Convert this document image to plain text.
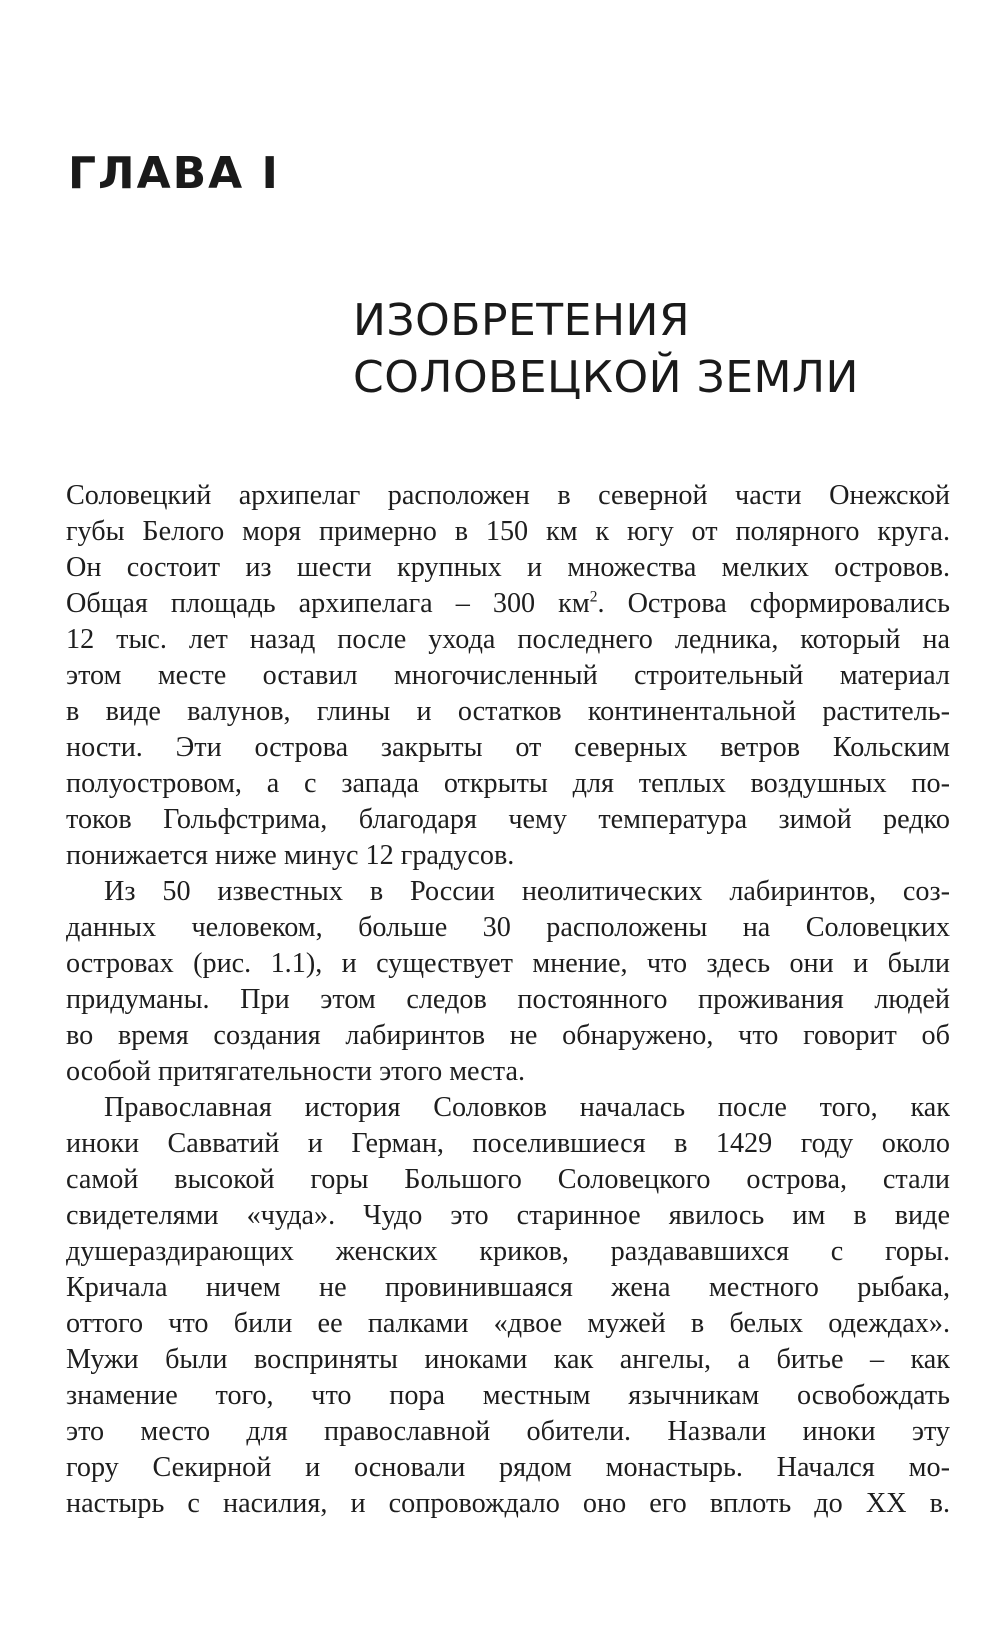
ГЛАВА I
ИЗОБРЕТЕНИЯ
СОЛОВЕЦКОЙ ЗЕМЛИ
Соловецкий архипелаг расположен в северной части Онежской
губы Белого моря примерно в 150 км к югу от полярного круга.
Он состоит из шести крупных и множества мелких островов.
Общая площадь архипелага – 300 $км^2$. Острова сформировались
12 тыс. лет назад после ухода последнего ледника, который на
этом месте оставил многочисленный строительный материал
в виде валунов, глины и остатков континентальной раститель-
ности. Эти острова закрыты от северных ветров Кольским
полуостровом, а с запада открыты для теплых воздушных по-
токов Гольфстрима, благодаря чему температура зимой редко
понижается ниже минус 12 градусов.
Из 50 известных в России неолитических лабиринтов, соз-
данных человеком, больше 30 расположены на Соловецких
островах (рис. 1.1), и существует мнение, что здесь они и были
придуманы. При этом следов постоянного проживания людей
во время создания лабиринтов не обнаружено, что говорит об
особой притягательности этого места.
Православная история Соловков началась после того, как
иноки Савватий и Герман, поселившиеся в 1429 году около
самой высокой горы Большого Соловецкого острова, стали
свидетелями «чуда». Чудо это старинное явилось им в виде
душераздирающих женских криков, раздававшихся с горы.
Кричала ничем не провинившаяся жена местного рыбака,
оттого что били ее палками «двое мужей в белых одеждах».
Мужи были восприняты иноками как ангелы, а битье – как
знамение того, что пора местным язычникам освобождать
это место для православной обители. Назвали иноки эту
гору Секирной и основали рядом монастырь. Начался мо-
настырь с насилия, и сопровождало оно его вплоть до XX в.
